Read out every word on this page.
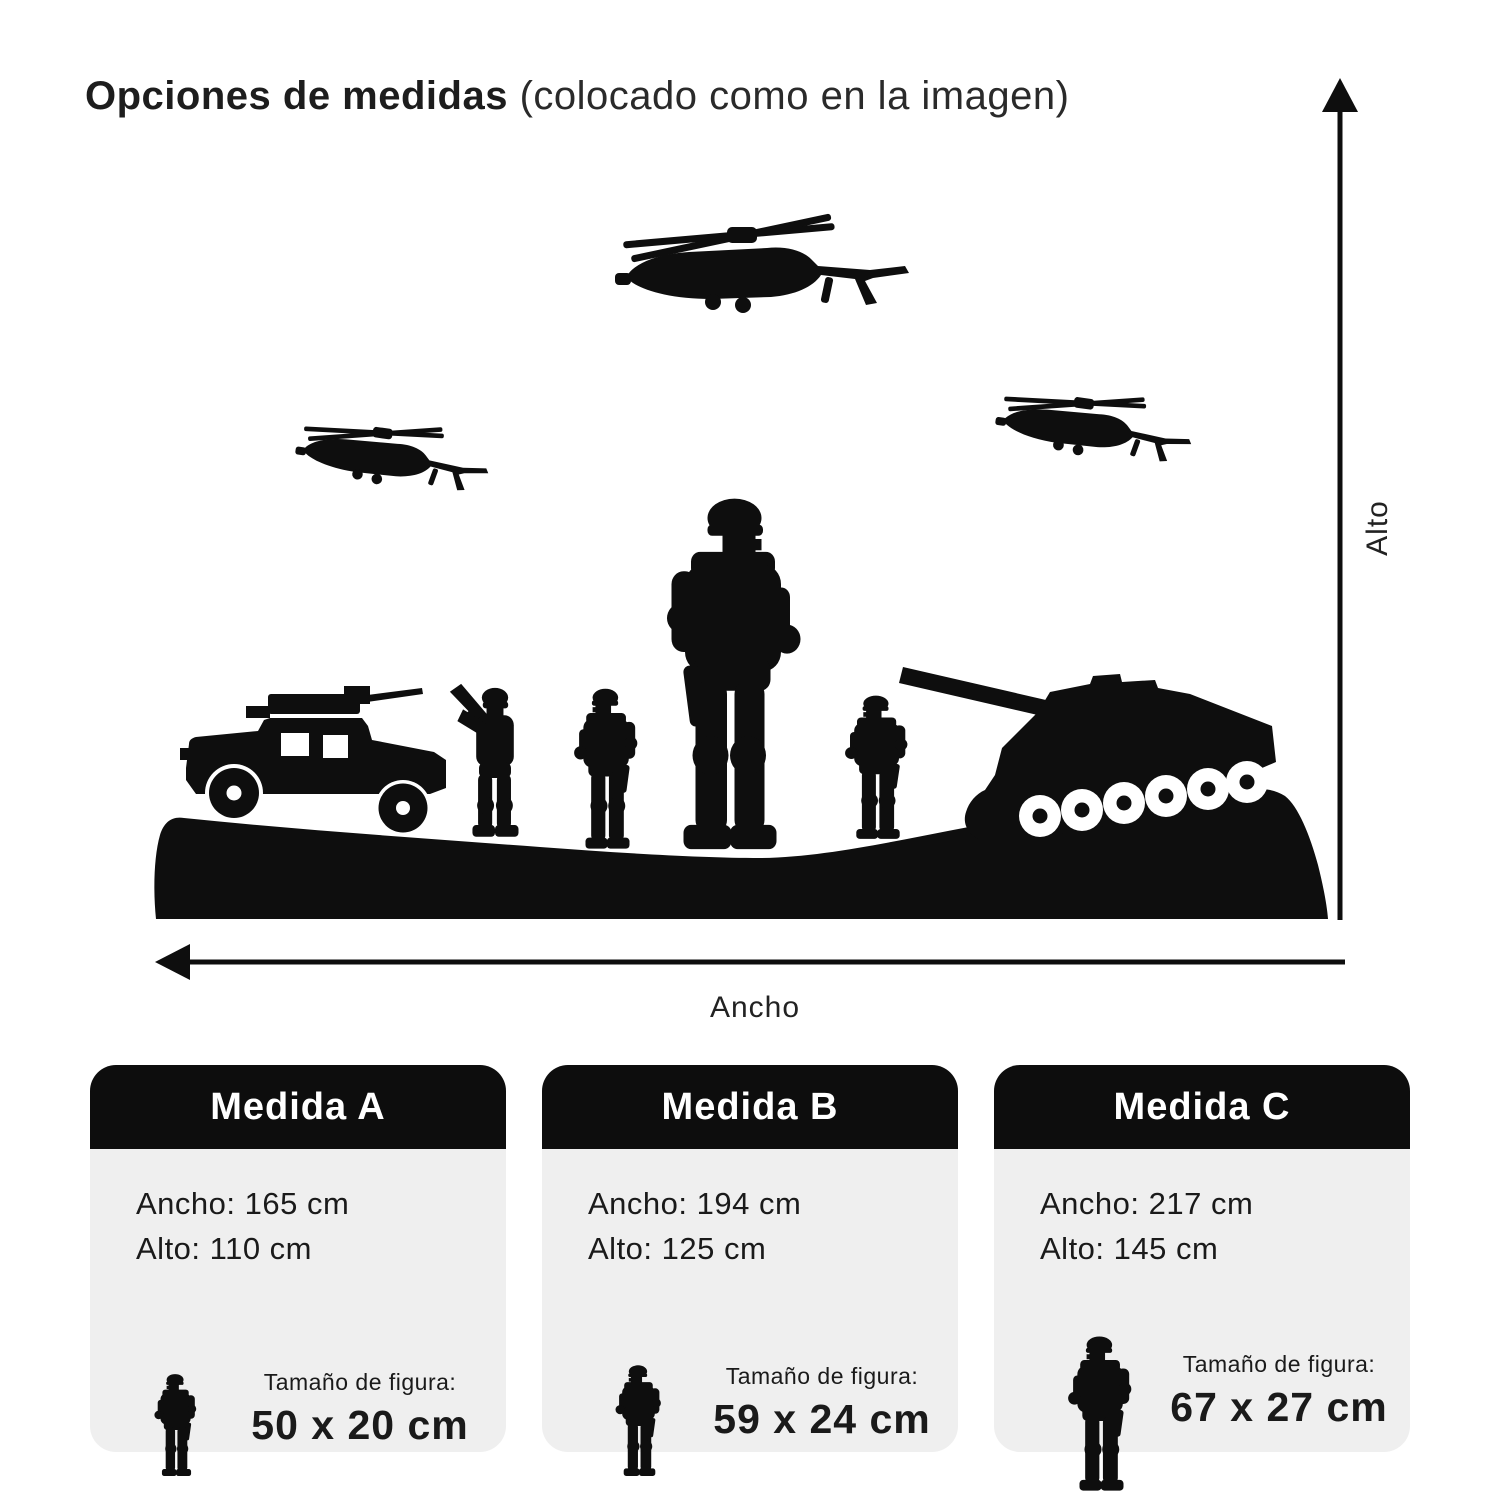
Opciones de medidas (colocado como en la imagen)
Alto
Ancho
Medida A
Ancho: 165 cm
Alto: 110 cm
Tamaño de figura:
50 x 20 cm
Medida B
Ancho: 194 cm
Alto: 125 cm
Tamaño de figura:
59 x 24 cm
Medida C
Ancho: 217 cm
Alto: 145 cm
Tamaño de figura:
67 x 27 cm
